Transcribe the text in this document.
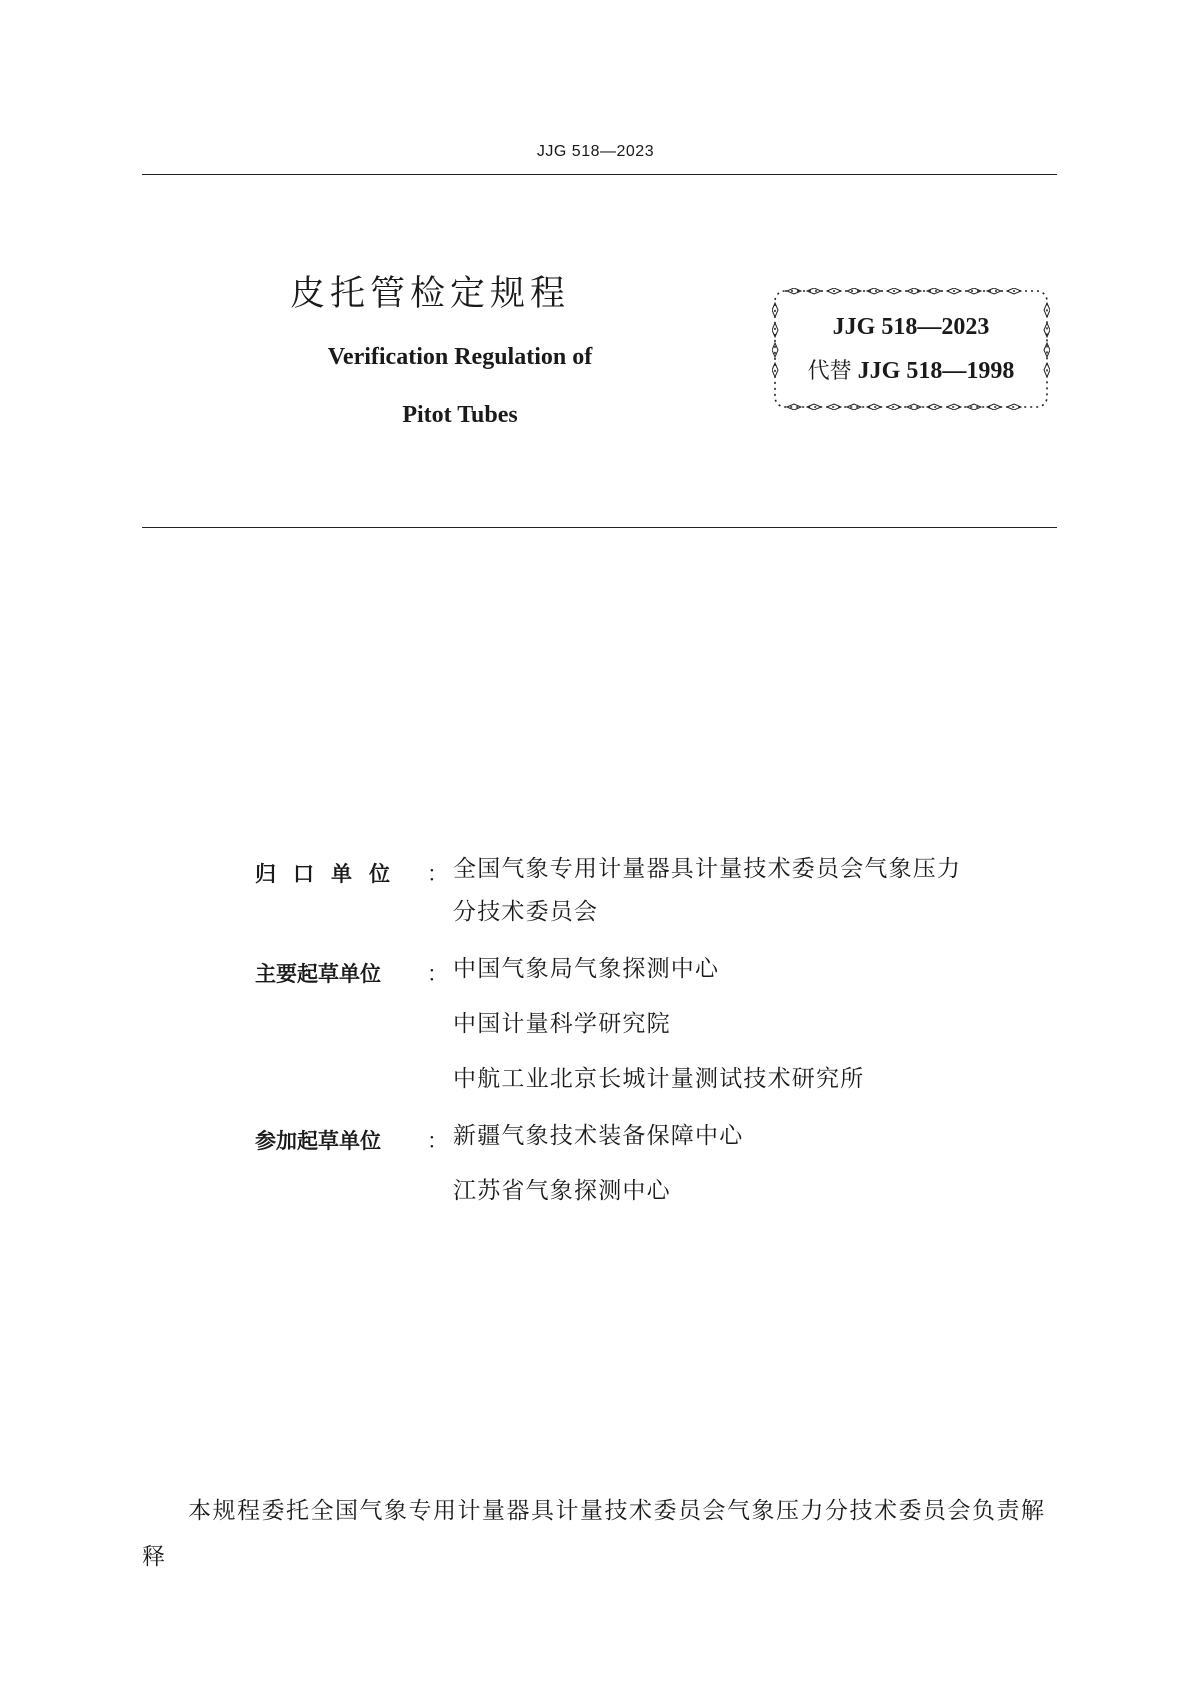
JJG 518—2023
皮托管检定规程
Verification Regulation of
Pitot Tubes
JJG 518—2023
代替 JJG 518—1998
归口单位 ： 全国气象专用计量器具计量技术委员会气象压力
分技术委员会
主要起草单位	： 中国气象局气象探测中心
中国计量科学研究院
中航工业北京长城计量测试技术研究所
参加起草单位	： 新疆气象技术装备保障中心
江苏省气象探测中心
本规程委托全国气象专用计量器具计量技术委员会气象压力分技术委员会负责解释
